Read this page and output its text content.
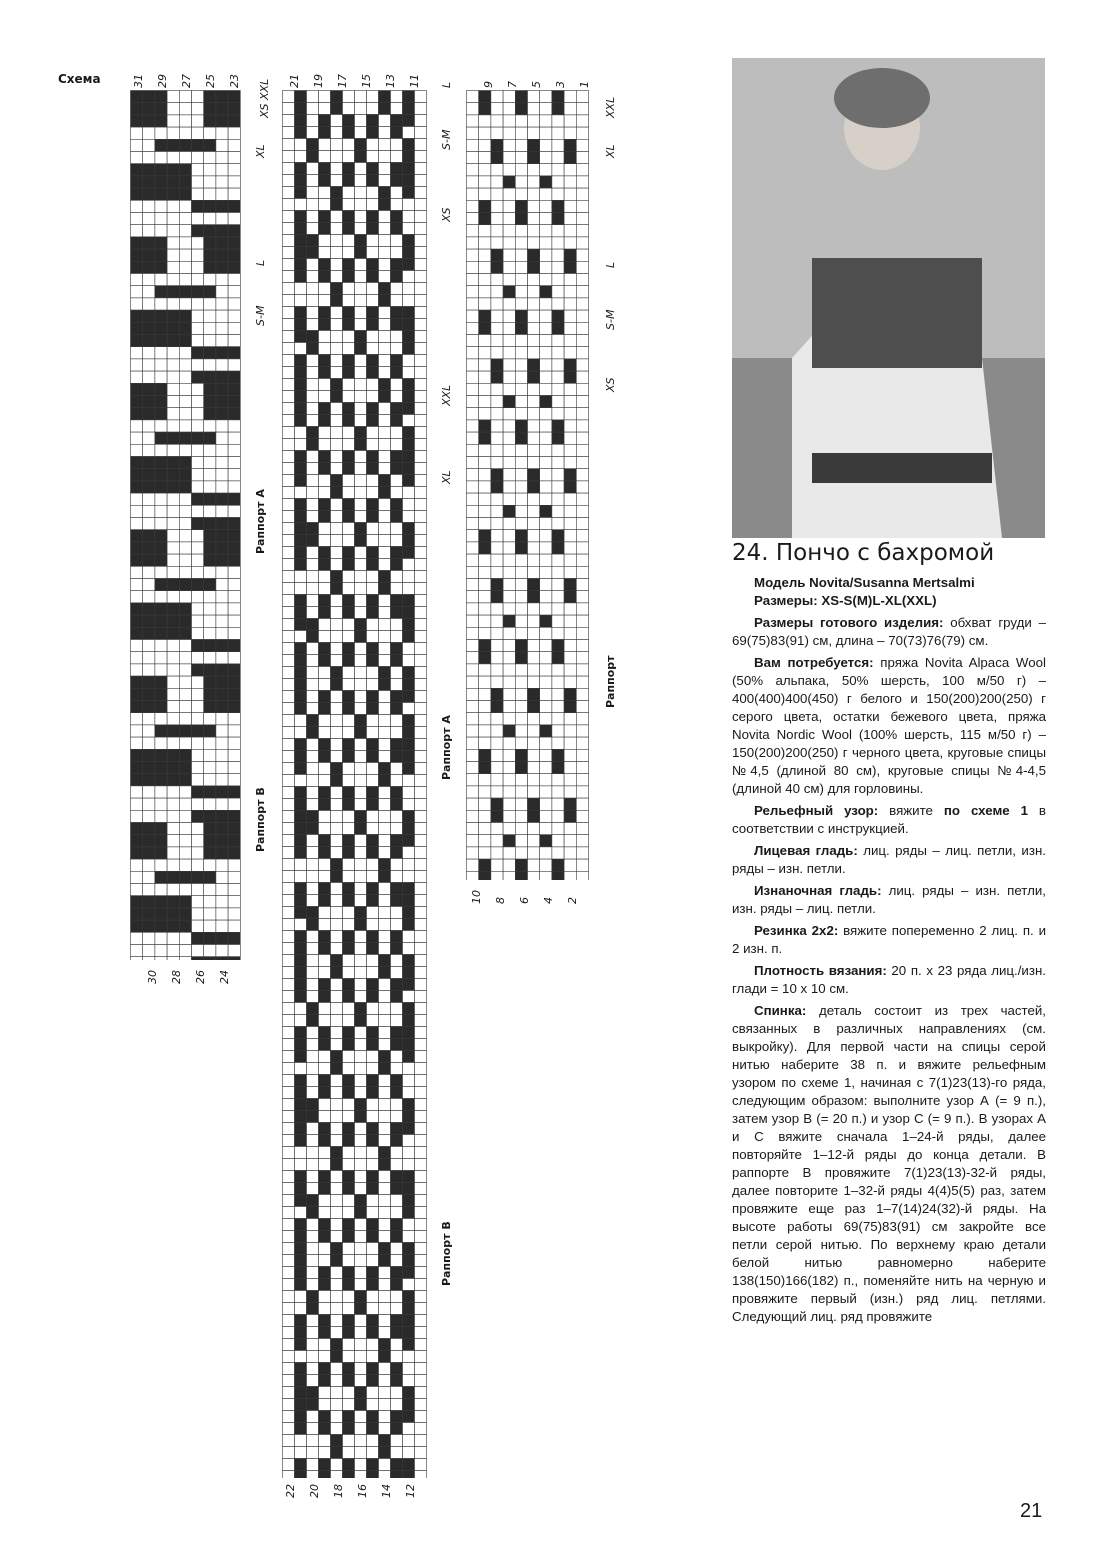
Схема	31 29 27 25 23
30 28 26 24
XS XXL
XL
L
S-M
Раппорт А
Раппорт В
21 19 17 15 13 11
22 20 18 16 14 12
L
S-M
XS
XXL
XL
Раппорт А
Раппорт В
9 7 5 3 1
10 8 6 4 2
XXL
XL
L
S-M
XS
Раппорт
24. Пончо с бахромой

Модель Novita/Susanna Mertsalmi

Размеры: XS-S(M)L-XL(XXL)

Размеры готового изделия: обхват груди – 69(75)83(91) см, длина – 70(73)76(79) см.

Вам потребуется: пряжа Novita Alpaca Wool (50% альпака, 50% шерсть, 100 м/50 г) – 400(400)400(450) г белого и 150(200)200(250) г серого цвета, остатки бежевого цвета, пряжа Novita Nordic Wool (100% шерсть, 115 м/50 г) – 150(200)200(250) г черного цвета, круговые спицы №4,5 (длиной 80 см), круговые спицы №4-4,5 (длиной 40 см) для горловины.

Рельефный узор: вяжите по схеме 1 в соответствии с инструкцией.

Лицевая гладь: лиц. ряды – лиц. петли, изн. ряды – изн. петли.

Изнаночная гладь: лиц. ряды – изн. петли, изн. ряды – лиц. петли.

Резинка 2x2: вяжите попеременно 2 лиц. п. и 2 изн. п.

Плотность вязания: 20 п. х 23 ряда лиц./изн. глади = 10 х 10 см.

Спинка: деталь состоит из трех частей, связанных в различных направлениях (см. выкройку). Для первой части на спицы серой нитью наберите 38 п. и вяжите рельефным узором по схеме 1, начиная с 7(1)23(13)-го ряда, следующим образом: выполните узор А (= 9 п.), затем узор В (= 20 п.) и узор С (= 9 п.). В узорах А и С вяжите сначала 1–24-й ряды, далее повторяйте 1–12-й ряды до конца детали. В раппорте В провяжите 7(1)23(13)-32-й ряды, далее повторите 1–32-й ряды 4(4)5(5) раз, затем провяжите еще раз 1–7(14)24(32)-й ряды. На высоте работы 69(75)83(91) см закройте все петли серой нитью. По верхнему краю детали белой нитью равномерно наберите 138(150)166(182) п., поменяйте нить на черную и провяжите первый (изн.) ряд лиц. петлями. Следующий лиц. ряд провяжите

21
